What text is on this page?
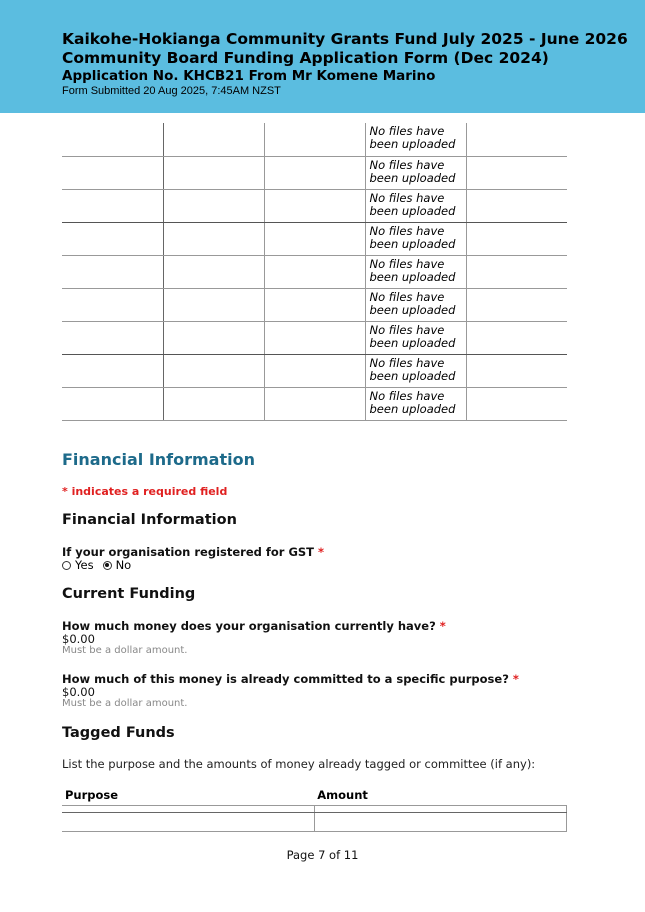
Kaikohe-Hokianga Community Grants Fund July 2025 - June 2026 Community Board Funding Application Form (Dec 2024)
Application No. KHCB21 From Mr Komene Marino
Form Submitted 20 Aug 2025, 7:45AM NZST
			No files have been uploaded	
			No files have been uploaded	
			No files have been uploaded	
			No files have been uploaded	
			No files have been uploaded	
			No files have been uploaded	
			No files have been uploaded	
			No files have been uploaded	
			No files have been uploaded	
Financial Information
* indicates a required field
Financial Information
If your organisation registered for GST *
Yes No
Current Funding
How much money does your organisation currently have? *
$0.00
Must be a dollar amount.
How much of this money is already committed to a specific purpose? *
$0.00
Must be a dollar amount.
Tagged Funds
List the purpose and the amounts of money already tagged or committee (if any):
Purpose	Amount

Page 7 of 11
